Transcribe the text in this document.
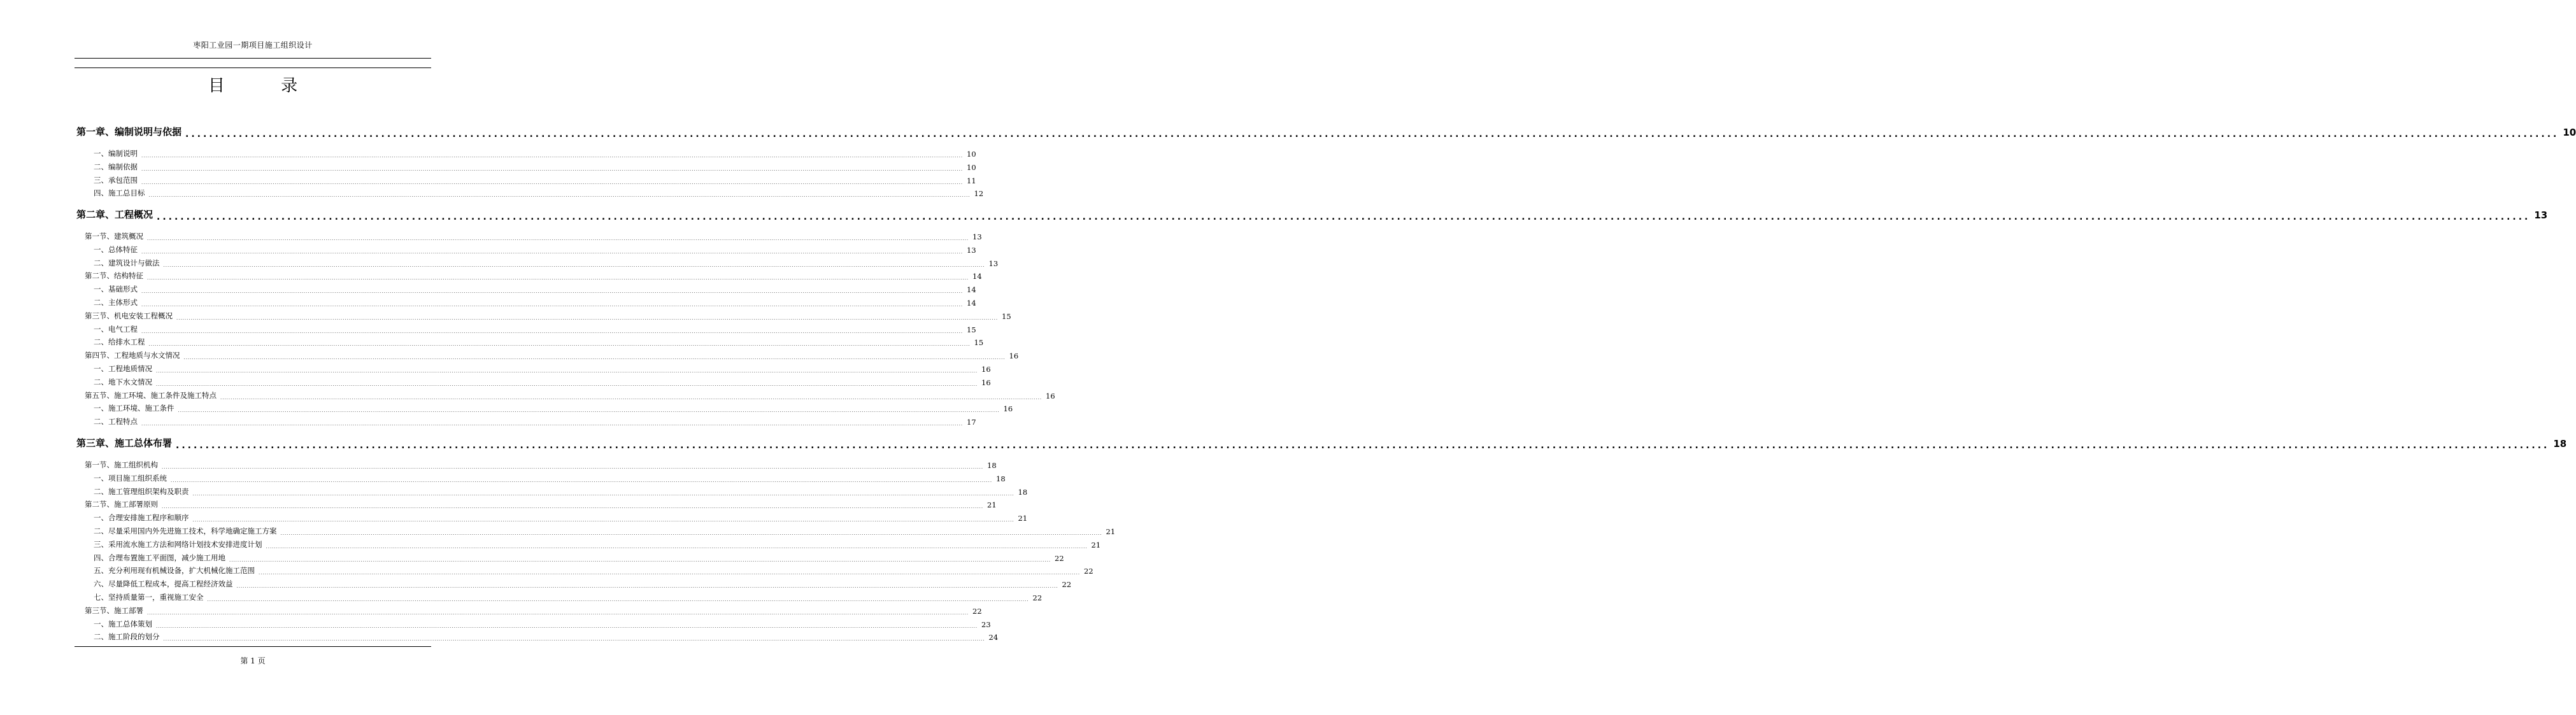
枣阳工业园一期项目施工组织设计
目 录
第一章、编制说明与依据 ................................................................................................................................................................................................................................................................................................................................................................................................................ 10
一、编制说明 ................................................................................................................................................................................................................................................................................................................................................................................................................ 10
二、编制依据 ................................................................................................................................................................................................................................................................................................................................................................................................................ 10
三、承包范围 ................................................................................................................................................................................................................................................................................................................................................................................................................ 11
四、施工总目标 ................................................................................................................................................................................................................................................................................................................................................................................................................ 12
第二章、工程概况 ................................................................................................................................................................................................................................................................................................................................................................................................................ 13
第一节、建筑概况 ................................................................................................................................................................................................................................................................................................................................................................................................................ 13
一、总体特征 ................................................................................................................................................................................................................................................................................................................................................................................................................ 13
二、建筑设计与做法 ................................................................................................................................................................................................................................................................................................................................................................................................................ 13
第二节、结构特征 ................................................................................................................................................................................................................................................................................................................................................................................................................ 14
一、基础形式 ................................................................................................................................................................................................................................................................................................................................................................................................................ 14
二、主体形式 ................................................................................................................................................................................................................................................................................................................................................................................................................ 14
第三节、机电安装工程概况 ................................................................................................................................................................................................................................................................................................................................................................................................................ 15
一、电气工程 ................................................................................................................................................................................................................................................................................................................................................................................................................ 15
二、给排水工程 ................................................................................................................................................................................................................................................................................................................................................................................................................ 15
第四节、工程地质与水文情况 ................................................................................................................................................................................................................................................................................................................................................................................................................ 16
一、工程地质情况 ................................................................................................................................................................................................................................................................................................................................................................................................................ 16
二、地下水文情况 ................................................................................................................................................................................................................................................................................................................................................................................................................ 16
第五节、施工环境、施工条件及施工特点 ................................................................................................................................................................................................................................................................................................................................................................................................................ 16
一、施工环境、施工条件 ................................................................................................................................................................................................................................................................................................................................................................................................................ 16
二、工程特点 ................................................................................................................................................................................................................................................................................................................................................................................................................ 17
第三章、施工总体布署 ................................................................................................................................................................................................................................................................................................................................................................................................................ 18
第一节、施工组织机构 ................................................................................................................................................................................................................................................................................................................................................................................................................ 18
一、项目施工组织系统 ................................................................................................................................................................................................................................................................................................................................................................................................................ 18
二、施工管理组织架构及职责 ................................................................................................................................................................................................................................................................................................................................................................................................................ 18
第二节、施工部署原则 ................................................................................................................................................................................................................................................................................................................................................................................................................ 21
一、合理安排施工程序和顺序 ................................................................................................................................................................................................................................................................................................................................................................................................................ 21
二、尽量采用国内外先进施工技术，科学地确定施工方案 ................................................................................................................................................................................................................................................................................................................................................................................................................ 21
三、采用流水施工方法和网络计划技术安排进度计划 ................................................................................................................................................................................................................................................................................................................................................................................................................ 21
四、合理布置施工平面图，减少施工用地 ................................................................................................................................................................................................................................................................................................................................................................................................................ 22
五、充分利用现有机械设备，扩大机械化施工范围 ................................................................................................................................................................................................................................................................................................................................................................................................................ 22
六、尽量降低工程成本，提高工程经济效益 ................................................................................................................................................................................................................................................................................................................................................................................................................ 22
七、坚持质量第一，重视施工安全 ................................................................................................................................................................................................................................................................................................................................................................................................................ 22
第三节、施工部署 ................................................................................................................................................................................................................................................................................................................................................................................................................ 22
一、施工总体策划 ................................................................................................................................................................................................................................................................................................................................................................................................................ 23
二、施工阶段的划分 ................................................................................................................................................................................................................................................................................................................................................................................................................ 24
第 1 页
